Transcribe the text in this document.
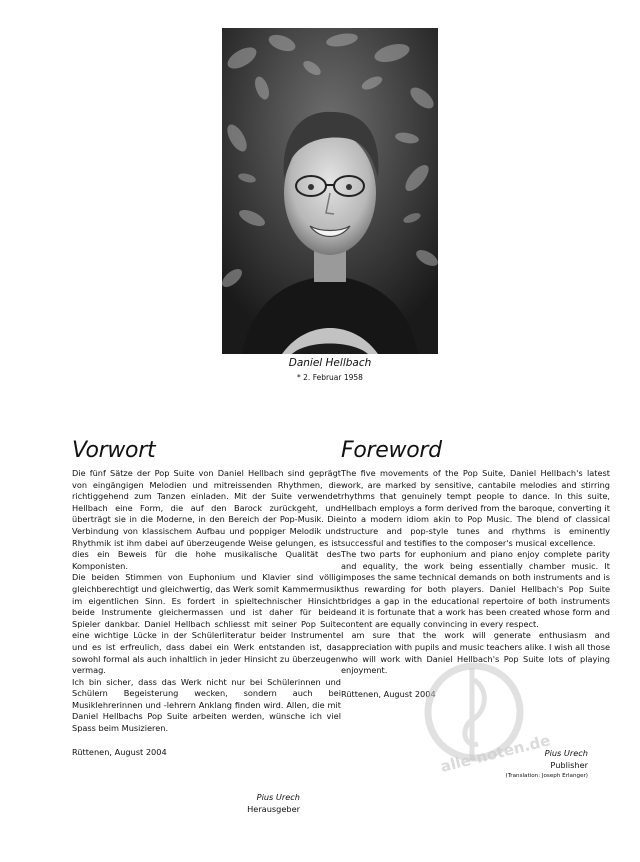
Daniel Hellbach
* 2. Februar 1958
Vorwort

Die fünf Sätze der Pop Suite von Daniel Hellbach sind geprägt von eingängigen Melodien und mitreissenden Rhythmen, die richtiggehend zum Tanzen einladen. Mit der Suite verwendet Hellbach eine Form, die auf den Barock zurückgeht, und überträgt sie in die Moderne, in den Bereich der Pop-Musik. Die Verbindung von klassischem Aufbau und poppiger Melodik und Rhythmik ist ihm dabei auf überzeugende Weise gelungen, es ist dies ein Beweis für die hohe musikalische Qualität des Komponisten.

Die beiden Stimmen von Euphonium und Klavier sind völlig gleichberechtigt und gleichwertig, das Werk somit Kammermusik im eigentlichen Sinn. Es fordert in spieltechnischer Hinsicht beide Instrumente gleichermassen und ist daher für beide Spieler dankbar. Daniel Hellbach schliesst mit seiner Pop Suite eine wichtige Lücke in der Schülerliteratur beider Instrumente und es ist erfreulich, dass dabei ein Werk entstanden ist, das sowohl formal als auch inhaltlich in jeder Hinsicht zu überzeugen vermag.

Ich bin sicher, dass das Werk nicht nur bei Schülerinnen und Schülern Begeisterung wecken, sondern auch bei Musiklehrerinnen und -lehrern Anklang finden wird. Allen, die mit Daniel Hellbachs Pop Suite arbeiten werden, wünsche ich viel Spass beim Musizieren.

Rüttenen, August 2004
Foreword

The five movements of the Pop Suite, Daniel Hellbach's latest work, are marked by sensitive, cantabile melodies and stirring rhythms that genuinely tempt people to dance. In this suite, Hellbach employs a form derived from the baroque, converting it into a modern idiom akin to Pop Music. The blend of classical structure and pop-style tunes and rhythms is eminently successful and testifies to the composer's musical excellence.

The two parts for euphonium and piano enjoy complete parity and equality, the work being essentially chamber music. It imposes the same technical demands on both instruments and is thus rewarding for both players. Daniel Hellbach's Pop Suite bridges a gap in the educational repertoire of both instruments and it is fortunate that a work has been created whose form and content are equally convincing in every respect.

I am sure that the work will generate enthusiasm and appreciation with pupils and music teachers alike. I wish all those who will work with Daniel Hellbach's Pop Suite lots of playing enjoyment.

Rüttenen, August 2004
Pius Urech
Publisher
(Translation: Joseph Erlanger)
Pius Urech
Herausgeber
alle-noten.de
